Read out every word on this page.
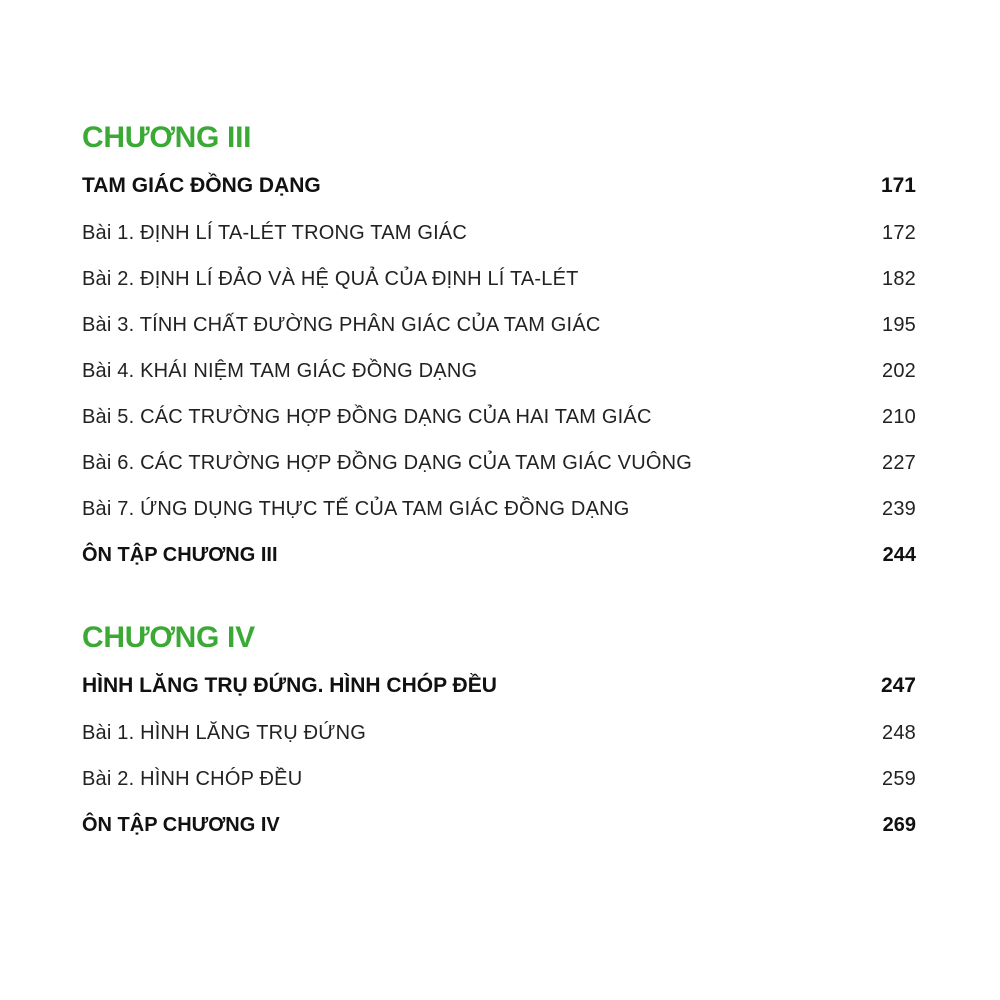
CHƯƠNG III
TAM GIÁC ĐỒNG DẠNG	171
Bài 1. ĐỊNH LÍ TA-LÉT TRONG TAM GIÁC	172
Bài 2. ĐỊNH LÍ ĐẢO VÀ HỆ QUẢ CỦA ĐỊNH LÍ TA-LÉT	182
Bài 3. TÍNH CHẤT ĐƯỜNG PHÂN GIÁC CỦA TAM GIÁC	195
Bài 4. KHÁI NIỆM TAM GIÁC ĐỒNG DẠNG	202
Bài 5. CÁC TRƯỜNG HỢP ĐỒNG DẠNG CỦA HAI TAM GIÁC	210
Bài 6. CÁC TRƯỜNG HỢP ĐỒNG DẠNG CỦA TAM GIÁC VUÔNG	227
Bài 7. ỨNG DỤNG THỰC TẾ CỦA TAM GIÁC ĐỒNG DẠNG	239
ÔN TẬP CHƯƠNG III	244
CHƯƠNG IV
HÌNH LĂNG TRỤ ĐỨNG. HÌNH CHÓP ĐỀU	247
Bài 1. HÌNH LĂNG TRỤ ĐỨNG	248
Bài 2. HÌNH CHÓP ĐỀU	259
ÔN TẬP CHƯƠNG IV	269
